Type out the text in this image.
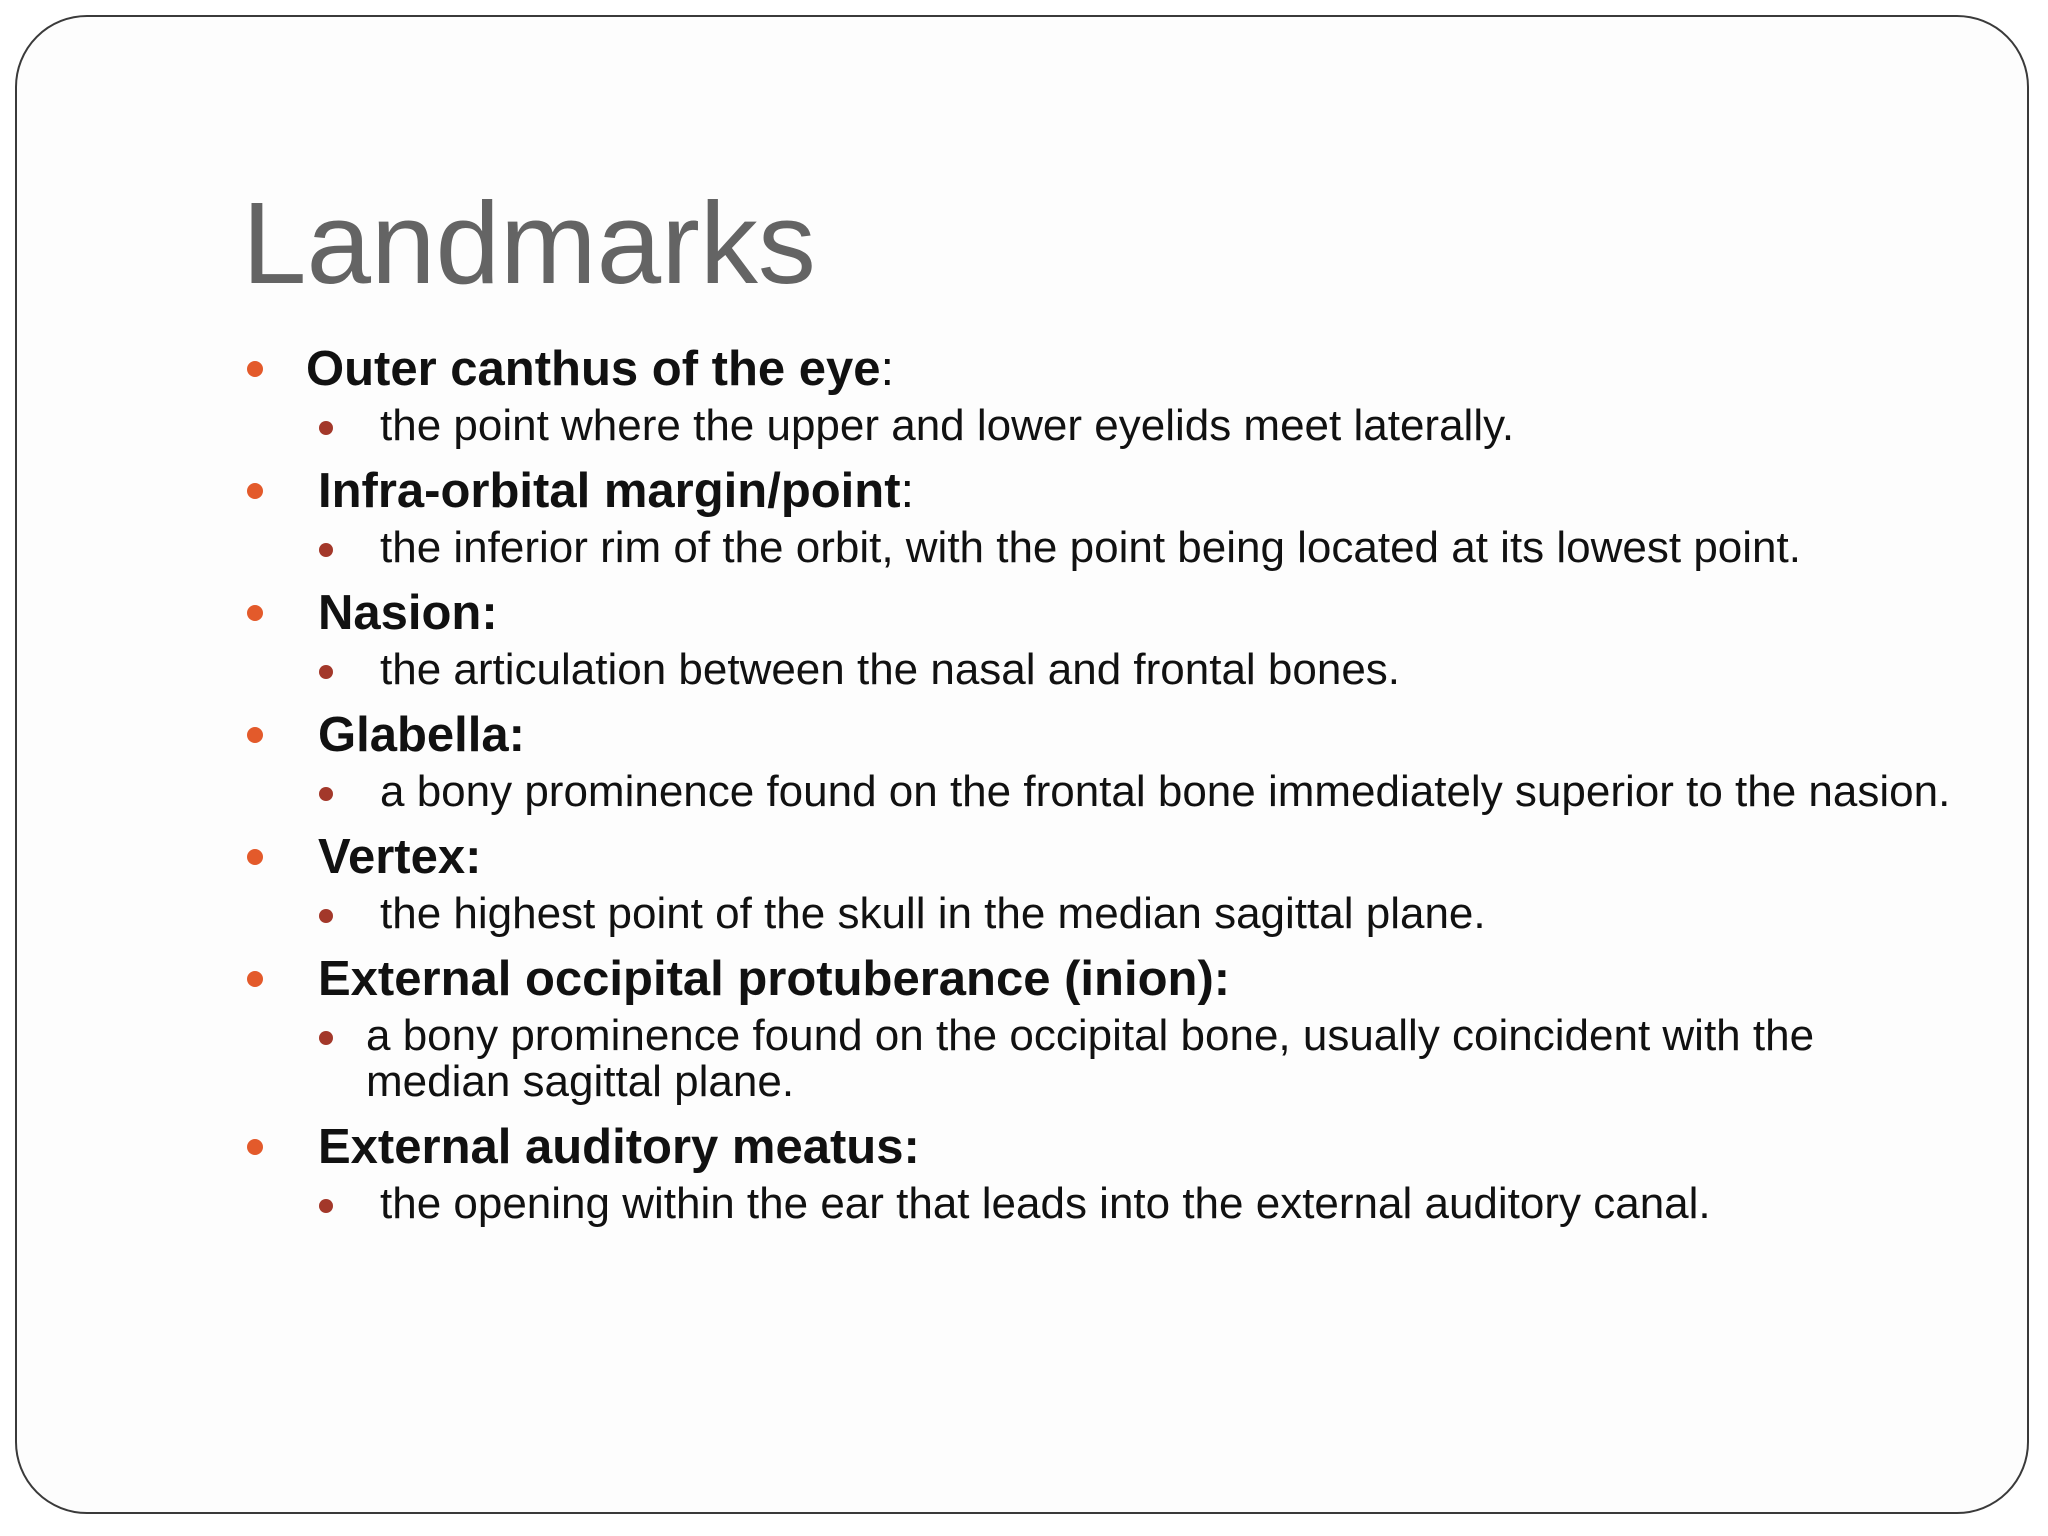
Landmarks
Outer canthus of the eye:
the point where the upper and lower eyelids meet laterally.
Infra-orbital margin/point:
the inferior rim of the orbit, with the point being located at its lowest point.
Nasion:
the articulation between the nasal and frontal bones.
Glabella:
a bony prominence found on the frontal bone immediately superior to the nasion.
Vertex:
the highest point of the skull in the median sagittal plane.
External occipital protuberance (inion):
a bony prominence found on the occipital bone, usually coincident with the median sagittal plane.
External auditory meatus:
the opening within the ear that leads into the external auditory canal.
